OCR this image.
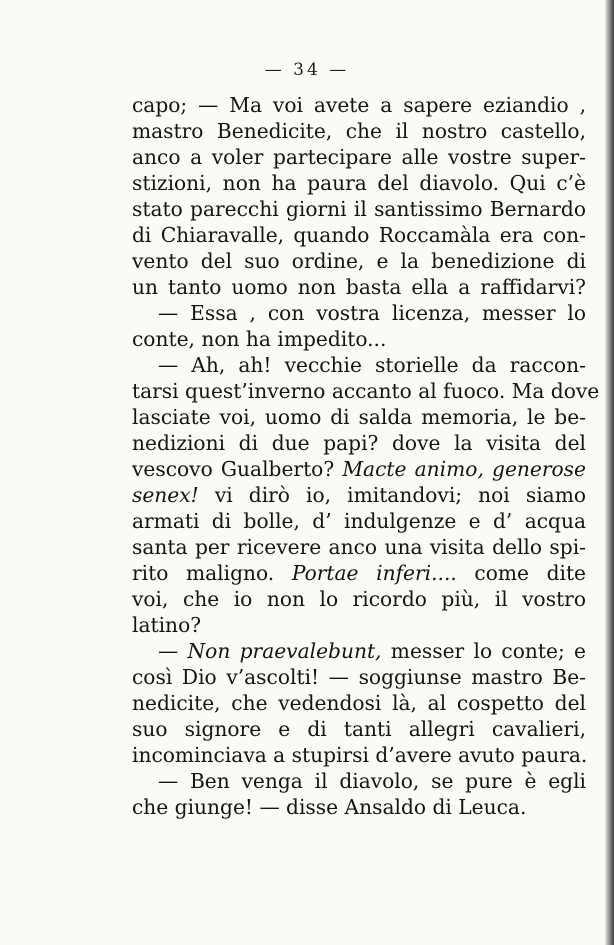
— 34 —
capo; — Ma voi avete a sapere eziandio ,
mastro Benedicite, che il nostro castello,
anco a voler partecipare alle vostre super-
stizioni, non ha paura del diavolo. Qui c’è
stato parecchi giorni il santissimo Bernardo
di Chiaravalle, quando Roccamàla era con-
vento del suo ordine, e la benedizione di
un tanto uomo non basta ella a raffidarvi?
— Essa , con vostra licenza, messer lo
conte, non ha impedito...
— Ah, ah! vecchie storielle da raccon-
tarsi quest’inverno accanto al fuoco. Ma dove
lasciate voi, uomo di salda memoria, le be-
nedizioni di due papi? dove la visita del
vescovo Gualberto? Macte animo, generose
senex! vi dirò io, imitandovi; noi siamo
armati di bolle, d’ indulgenze e d’ acqua
santa per ricevere anco una visita dello spi-
rito maligno. Portae inferi.... come dite
voi, che io non lo ricordo più, il vostro
latino?
— Non praevalebunt, messer lo conte; e
così Dio v’ascolti! — soggiunse mastro Be-
nedicite, che vedendosi là, al cospetto del
suo signore e di tanti allegri cavalieri,
incominciava a stupirsi d’avere avuto paura.
— Ben venga il diavolo, se pure è egli
che giunge! — disse Ansaldo di Leuca.
